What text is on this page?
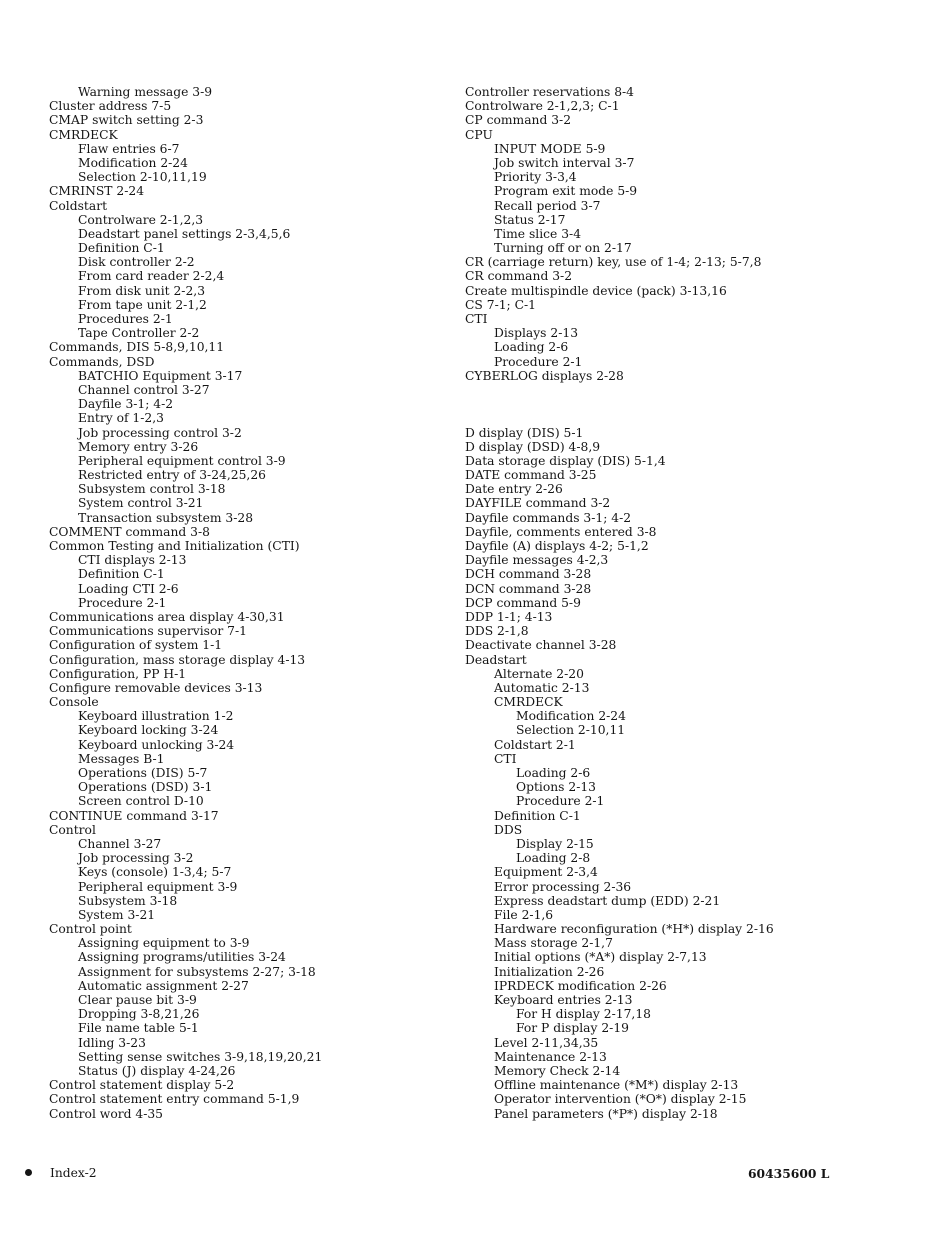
Warning message 3-9
Cluster address 7-5
CMAP switch setting 2-3
CMRDECK
Flaw entries 6-7
Modification 2-24
Selection 2-10,11,19
CMRINST 2-24
Coldstart
Controlware 2-1,2,3
Deadstart panel settings 2-3,4,5,6
Definition C-1
Disk controller 2-2
From card reader 2-2,4
From disk unit 2-2,3
From tape unit 2-1,2
Procedures 2-1
Tape Controller 2-2
Commands, DIS 5-8,9,10,11
Commands, DSD
BATCHIO Equipment 3-17
Channel control 3-27
Dayfile 3-1; 4-2
Entry of 1-2,3
Job processing control 3-2
Memory entry 3-26
Peripheral equipment control 3-9
Restricted entry of 3-24,25,26
Subsystem control 3-18
System control 3-21
Transaction subsystem 3-28
COMMENT command 3-8
Common Testing and Initialization (CTI)
CTI displays 2-13
Definition C-1
Loading CTI 2-6
Procedure 2-1
Communications area display 4-30,31
Communications supervisor 7-1
Configuration of system 1-1
Configuration, mass storage display 4-13
Configuration, PP H-1
Configure removable devices 3-13
Console
Keyboard illustration 1-2
Keyboard locking 3-24
Keyboard unlocking 3-24
Messages B-1
Operations (DIS) 5-7
Operations (DSD) 3-1
Screen control D-10
CONTINUE command 3-17
Control
Channel 3-27
Job processing 3-2
Keys (console) 1-3,4; 5-7
Peripheral equipment 3-9
Subsystem 3-18
System 3-21
Control point
Assigning equipment to 3-9
Assigning programs/utilities 3-24
Assignment for subsystems 2-27; 3-18
Automatic assignment 2-27
Clear pause bit 3-9
Dropping 3-8,21,26
File name table 5-1
Idling 3-23
Setting sense switches 3-9,18,19,20,21
Status (J) display 4-24,26
Control statement display 5-2
Control statement entry command 5-1,9
Control word 4-35
Controller reservations 8-4
Controlware 2-1,2,3; C-1
CP command 3-2
CPU
INPUT MODE 5-9
Job switch interval 3-7
Priority 3-3,4
Program exit mode 5-9
Recall period 3-7
Status 2-17
Time slice 3-4
Turning off or on 2-17
CR (carriage return) key, use of 1-4; 2-13; 5-7,8
CR command 3-2
Create multispindle device (pack) 3-13,16
CS 7-1; C-1
CTI
Displays 2-13
Loading 2-6
Procedure 2-1
CYBERLOG displays 2-28
D display (DIS) 5-1
D display (DSD) 4-8,9
Data storage display (DIS) 5-1,4
DATE command 3-25
Date entry 2-26
DAYFILE command 3-2
Dayfile commands 3-1; 4-2
Dayfile, comments entered 3-8
Dayfile (A) displays 4-2; 5-1,2
Dayfile messages 4-2,3
DCH command 3-28
DCN command 3-28
DCP command 5-9
DDP 1-1; 4-13
DDS 2-1,8
Deactivate channel 3-28
Deadstart
Alternate 2-20
Automatic 2-13
CMRDECK
Modification 2-24
Selection 2-10,11
Coldstart 2-1
CTI
Loading 2-6
Options 2-13
Procedure 2-1
Definition C-1
DDS
Display 2-15
Loading 2-8
Equipment 2-3,4
Error processing 2-36
Express deadstart dump (EDD) 2-21
File 2-1,6
Hardware reconfiguration (*H*) display 2-16
Mass storage 2-1,7
Initial options (*A*) display 2-7,13
Initialization 2-26
IPRDECK modification 2-26
Keyboard entries 2-13
For H display 2-17,18
For P display 2-19
Level 2-11,34,35
Maintenance 2-13
Memory Check 2-14
Offline maintenance (*M*) display 2-13
Operator intervention (*O*) display 2-15
Panel parameters (*P*) display 2-18
Index-2	60435600 L
